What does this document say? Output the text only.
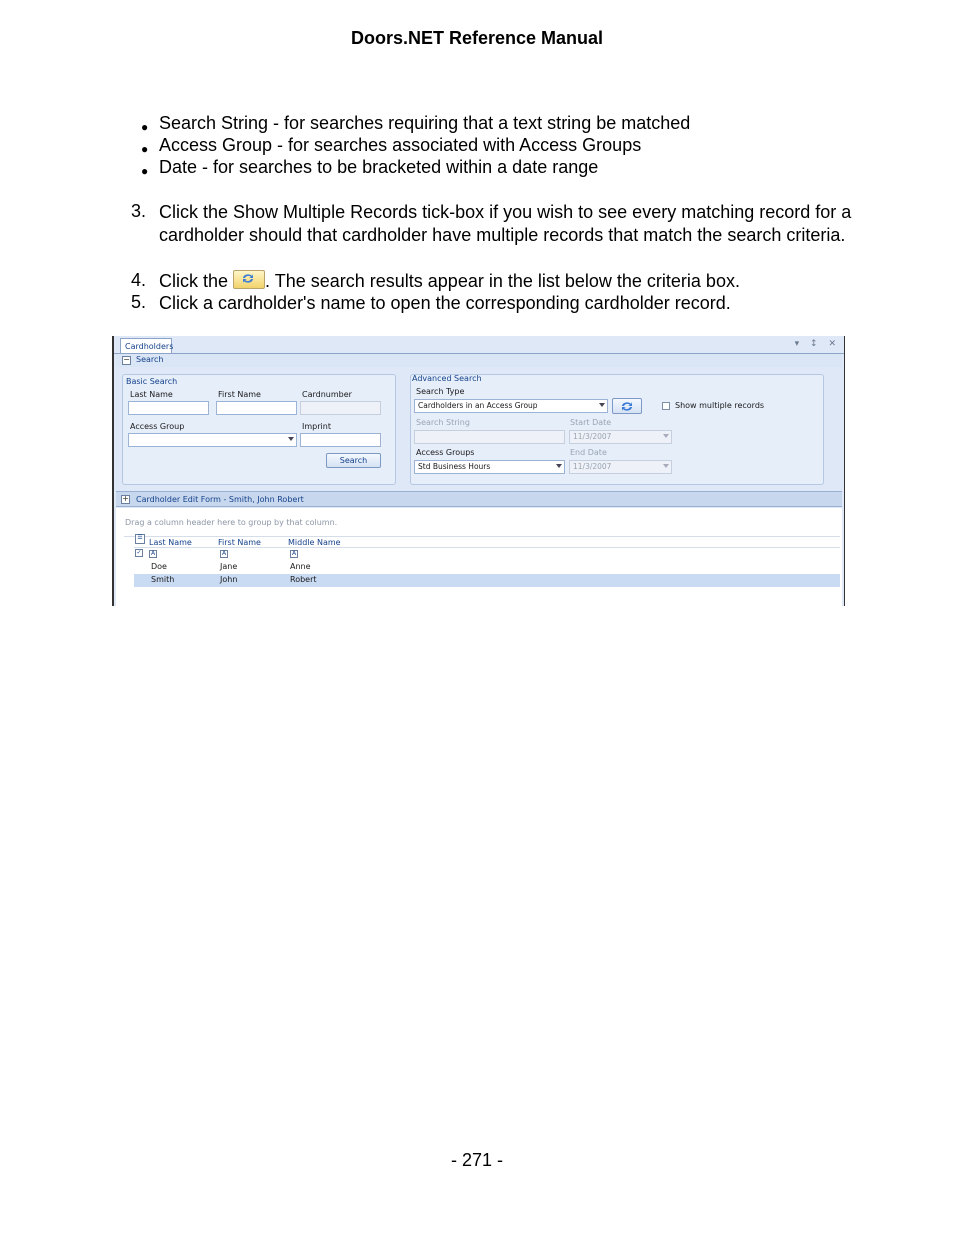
Doors.NET Reference Manual
● Search String - for searches requiring that a text string be matched
● Access Group - for searches associated with Access Groups
● Date - for searches to be bracketed within a date range
3. Click the Show Multiple Records tick-box if you wish to see every matching record for a cardholder should that cardholder have multiple records that match the search criteria.
4. Click the . The search results appear in the list below the criteria box.
5. Click a cardholder's name to open the corresponding cardholder record.
Cardholders	▾ ↕ ✕
− Search
Basic Search
Last Name	First Name	Cardnumber
Access Group	Imprint
Search
Advanced Search
Search Type
Cardholders in an Access Group	Show multiple records
Search String	Start Date
11/3/2007
Access Groups	End Date
Std Business Hours	11/3/2007
+ Cardholder Edit Form - Smith, John Robert
Drag a column header here to group by that column.
☰
Last Name	First Name	Middle Name
✓	A	A	A
Doe	Jane	Anne
Smith	John	Robert
- 271 -
